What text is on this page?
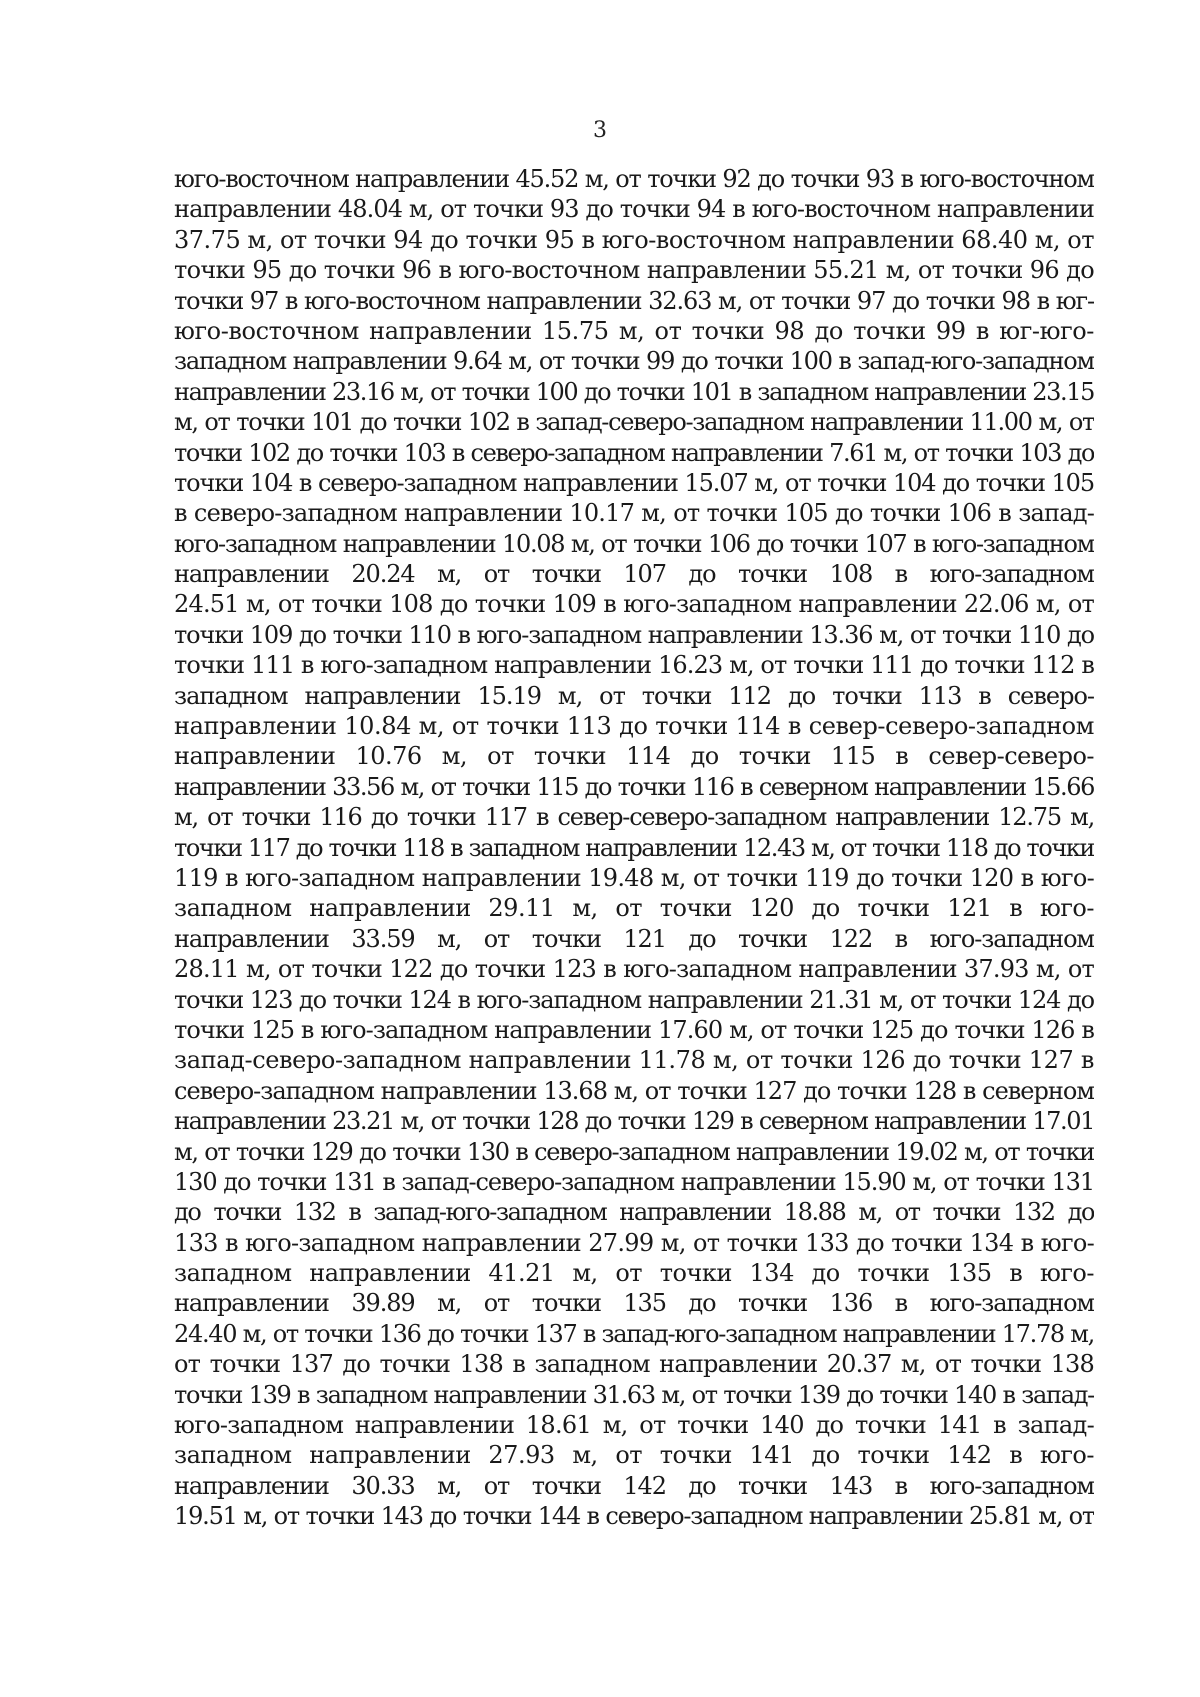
3
юго-восточном направлении 45.52 м, от точки 92 до точки 93 в юго-восточном
направлении 48.04 м, от точки 93 до точки 94 в юго-восточном направлении
37.75 м, от точки 94 до точки 95 в юго-восточном направлении 68.40 м, от
точки 95 до точки 96 в юго-восточном направлении 55.21 м, от точки 96 до
точки 97 в юго-восточном направлении 32.63 м, от точки 97 до точки 98 в юг-
юго-восточном направлении 15.75 м, от точки 98 до точки 99 в юг-юго-
западном направлении 9.64 м, от точки 99 до точки 100 в запад-юго-западном
направлении 23.16 м, от точки 100 до точки 101 в западном направлении 23.15
м, от точки 101 до точки 102 в запад-северо-западном направлении 11.00 м, от
точки 102 до точки 103 в северо-западном направлении 7.61 м, от точки 103 до
точки 104 в северо-западном направлении 15.07 м, от точки 104 до точки 105
в северо-западном направлении 10.17 м, от точки 105 до точки 106 в запад-
юго-западном направлении 10.08 м, от точки 106 до точки 107 в юго-западном
направлении 20.24 м, от точки 107 до точки 108 в юго-западном
24.51 м, от точки 108 до точки 109 в юго-западном направлении 22.06 м, от
точки 109 до точки 110 в юго-западном направлении 13.36 м, от точки 110 до
точки 111 в юго-западном направлении 16.23 м, от точки 111 до точки 112 в
западном направлении 15.19 м, от точки 112 до точки 113 в северо-
направлении 10.84 м, от точки 113 до точки 114 в север-северо-западном
направлении 10.76 м, от точки 114 до точки 115 в север-северо-
направлении 33.56 м, от точки 115 до точки 116 в северном направлении 15.66
м, от точки 116 до точки 117 в север-северо-западном направлении 12.75 м,
точки 117 до точки 118 в западном направлении 12.43 м, от точки 118 до точки
119 в юго-западном направлении 19.48 м, от точки 119 до точки 120 в юго-
западном направлении 29.11 м, от точки 120 до точки 121 в юго-
направлении 33.59 м, от точки 121 до точки 122 в юго-западном
28.11 м, от точки 122 до точки 123 в юго-западном направлении 37.93 м, от
точки 123 до точки 124 в юго-западном направлении 21.31 м, от точки 124 до
точки 125 в юго-западном направлении 17.60 м, от точки 125 до точки 126 в
запад-северо-западном направлении 11.78 м, от точки 126 до точки 127 в
северо-западном направлении 13.68 м, от точки 127 до точки 128 в северном
направлении 23.21 м, от точки 128 до точки 129 в северном направлении 17.01
м, от точки 129 до точки 130 в северо-западном направлении 19.02 м, от точки
130 до точки 131 в запад-северо-западном направлении 15.90 м, от точки 131
до точки 132 в запад-юго-западном направлении 18.88 м, от точки 132 до
133 в юго-западном направлении 27.99 м, от точки 133 до точки 134 в юго-
западном направлении 41.21 м, от точки 134 до точки 135 в юго-
направлении 39.89 м, от точки 135 до точки 136 в юго-западном
24.40 м, от точки 136 до точки 137 в запад-юго-западном направлении 17.78 м,
от точки 137 до точки 138 в западном направлении 20.37 м, от точки 138
точки 139 в западном направлении 31.63 м, от точки 139 до точки 140 в запад-
юго-западном направлении 18.61 м, от точки 140 до точки 141 в запад-
западном направлении 27.93 м, от точки 141 до точки 142 в юго-
направлении 30.33 м, от точки 142 до точки 143 в юго-западном
19.51 м, от точки 143 до точки 144 в северо-западном направлении 25.81 м, от
